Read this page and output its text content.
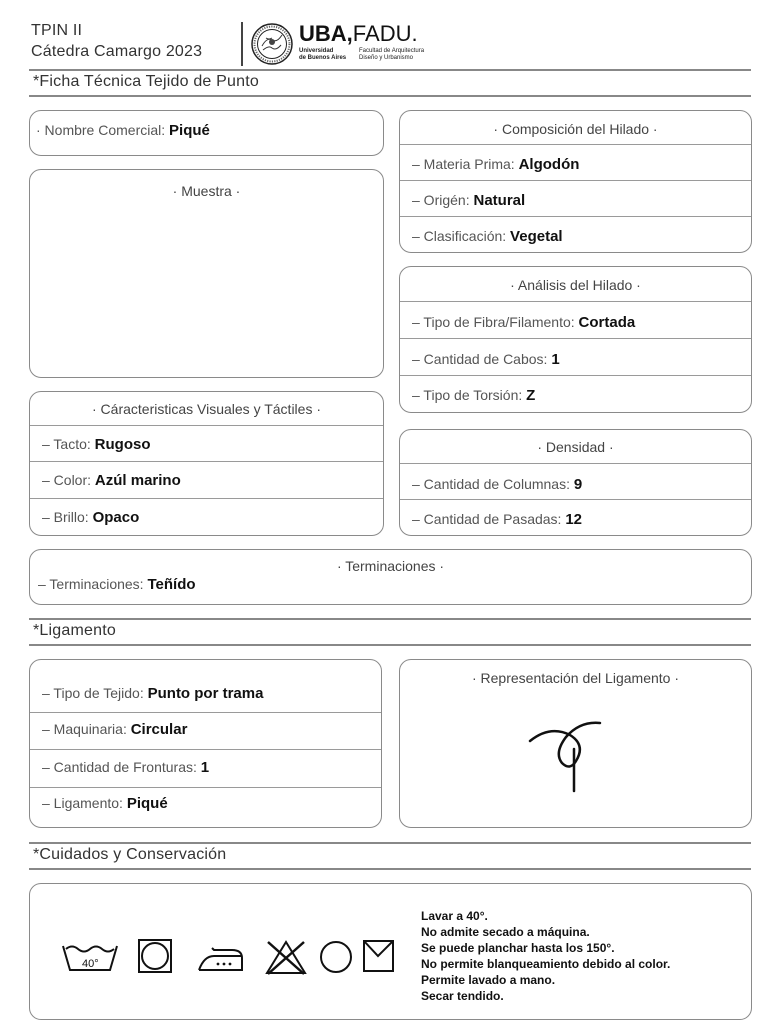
TPIN II
Cátedra Camargo 2023
UBA,FADU.
Universidad
de Buenos Aires
Facultad de Arquitectura
Diseño y Urbanismo
*Ficha Técnica Tejido de Punto
· Nombre Comercial: Piqué
· Muestra ·
· Composición del Hilado ·
– Materia Prima: Algodón
– Origén: Natural
– Clasificación: Vegetal
· Análisis del Hilado ·
– Tipo de Fibra/Filamento: Cortada
– Cantidad de Cabos: 1
– Tipo de Torsión: Z
· Cáracteristicas Visuales y Táctiles ·
– Tacto: Rugoso
– Color: Azúl marino
– Brillo: Opaco
· Densidad ·
– Cantidad de Columnas: 9
– Cantidad de Pasadas: 12
· Terminaciones ·
– Terminaciones: Teñído
*Ligamento
– Tipo de Tejido: Punto por trama
– Maquinaria: Circular
– Cantidad de Fronturas: 1
– Ligamento: Piqué
· Representación del Ligamento ·
*Cuidados y Conservación
40°
Lavar a 40°.
No admite secado a máquina.
Se puede planchar hasta los 150°.
No permite blanqueamiento debido al color.
Permite lavado a mano.
Secar tendido.
